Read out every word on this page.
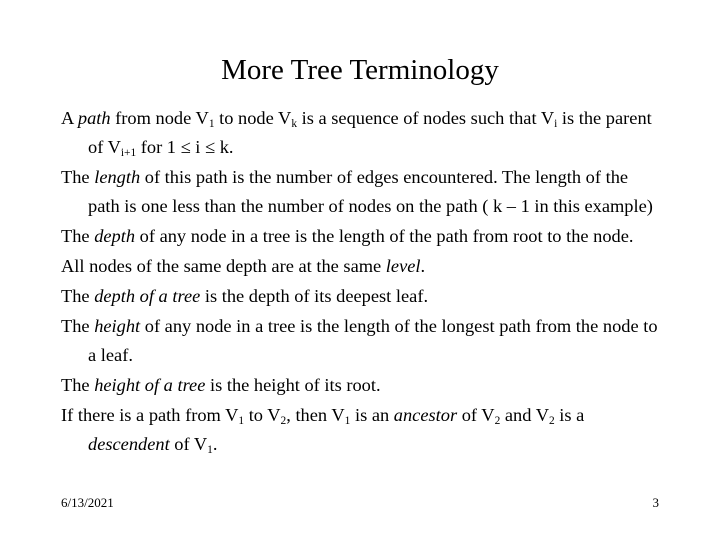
More Tree Terminology
A path from node $V_1$ to node $V_k$ is a sequence of nodes such that $V_i$ is the parent of $V_{i+1}$ for 1 ≤ i ≤ k.
The length of this path is the number of edges encountered. The length of the path is one less than the number of nodes on the path ( k – 1 in this example)
The depth of any node in a tree is the length of the path from root to the node.
All nodes of the same depth are at the same level.
The depth of a tree is the depth of its deepest leaf.
The height of any node in a tree is the length of the longest path from the node to a leaf.
The height of a tree is the height of its root.
If there is a path from $V_1$ to $V_2$, then $V_1$ is an ancestor of $V_2$ and $V_2$ is a descendent of $V_1$.
6/13/2021	3
